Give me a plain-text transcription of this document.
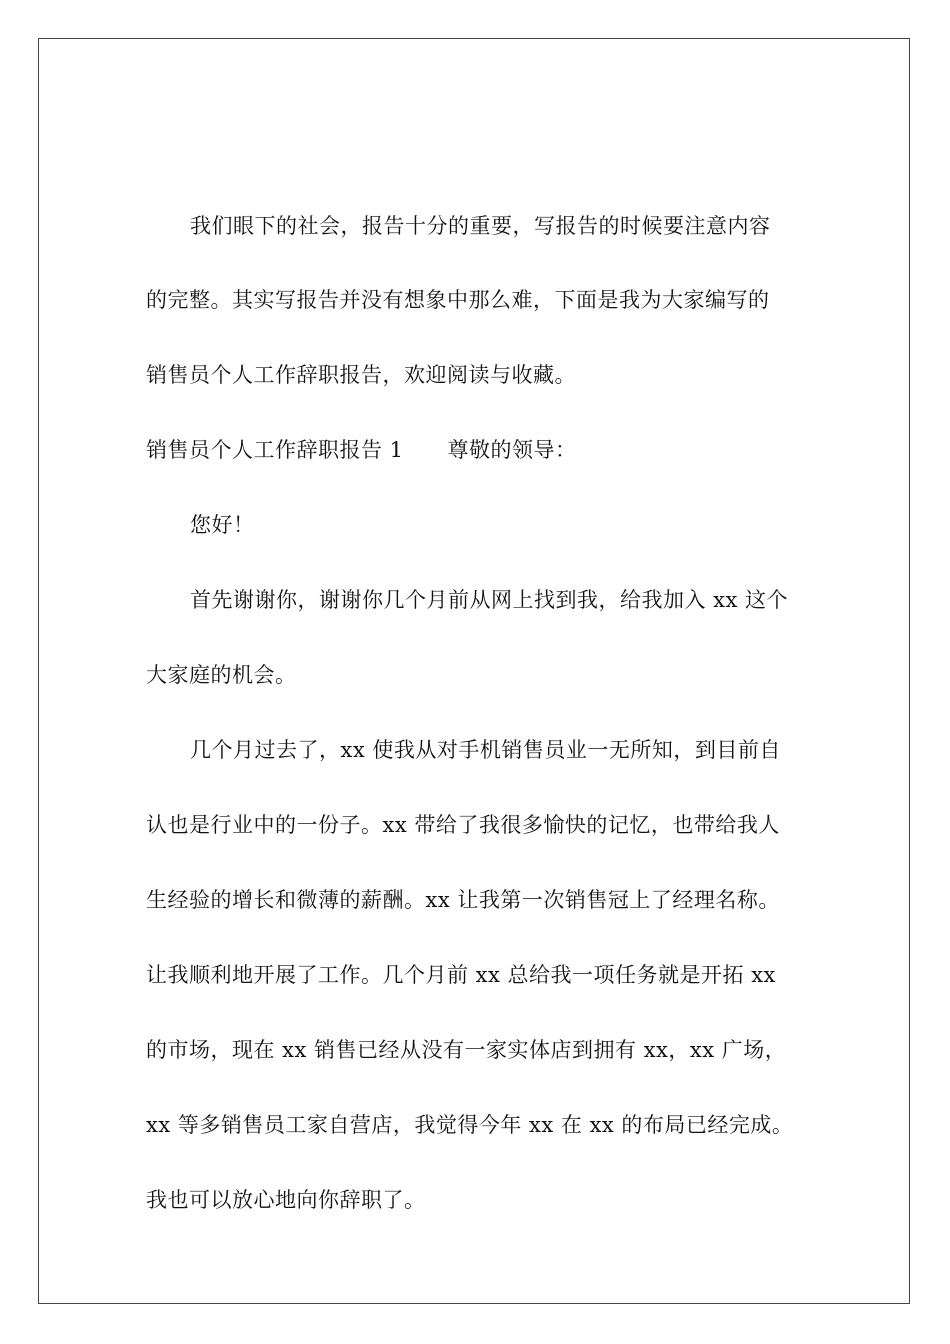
我们眼下的社会，报告十分的重要，写报告的时候要注意内容
的完整。其实写报告并没有想象中那么难，下面是我为大家编写的
销售员个人工作辞职报告，欢迎阅读与收藏。
销售员个人工作辞职报告 1 尊敬的领导：
您好！
首先谢谢你，谢谢你几个月前从网上找到我，给我加入 xx 这个
大家庭的机会。
几个月过去了，xx 使我从对手机销售员业一无所知，到目前自
认也是行业中的一份子。xx 带给了我很多愉快的记忆，也带给我人
生经验的增长和微薄的薪酬。xx 让我第一次销售冠上了经理名称。
让我顺利地开展了工作。几个月前 xx 总给我一项任务就是开拓 xx
的市场，现在 xx 销售已经从没有一家实体店到拥有 xx，xx 广场，
xx 等多销售员工家自营店，我觉得今年 xx 在 xx 的布局已经完成。
我也可以放心地向你辞职了。
